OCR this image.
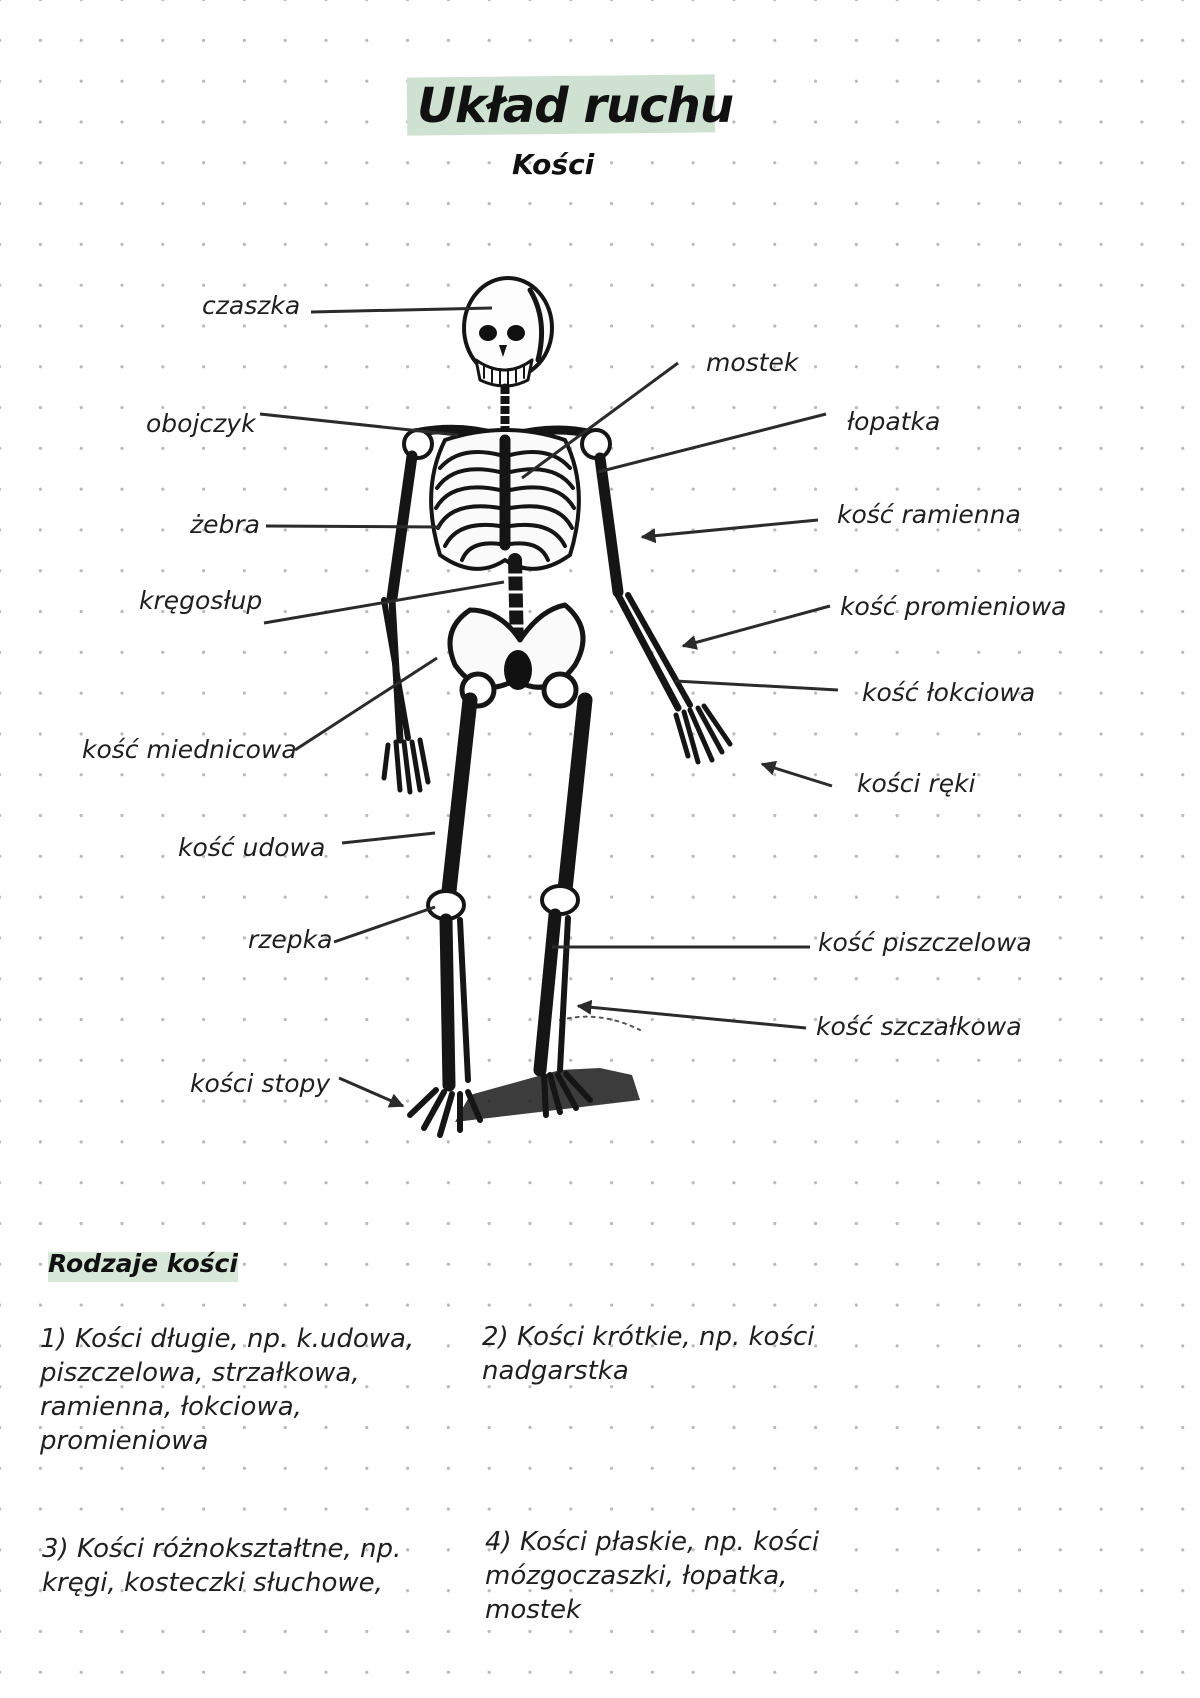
Układ ruchu
Kości
czaszka
mostek
obojczyk	łopatka
żebra	kość ramienna
kręgosłup	kość promieniowa
kość łokciowa
kość miednicowa
kości ręki
kość udowa
rzepka	kość piszczelowa
kość szczałkowa
kości stopy
Rodzaje kości

1) Kości długie, np. k.udowa,
piszczelowa, strzałkowa,
ramienna, łokciowa,
promieniowa

2) Kości krótkie, np. kości
nadgarstka

3) Kości różnokształtne, np.
kręgi, kosteczki słuchowe,

4) Kości płaskie, np. kości
mózgoczaszki, łopatka,
mostek
